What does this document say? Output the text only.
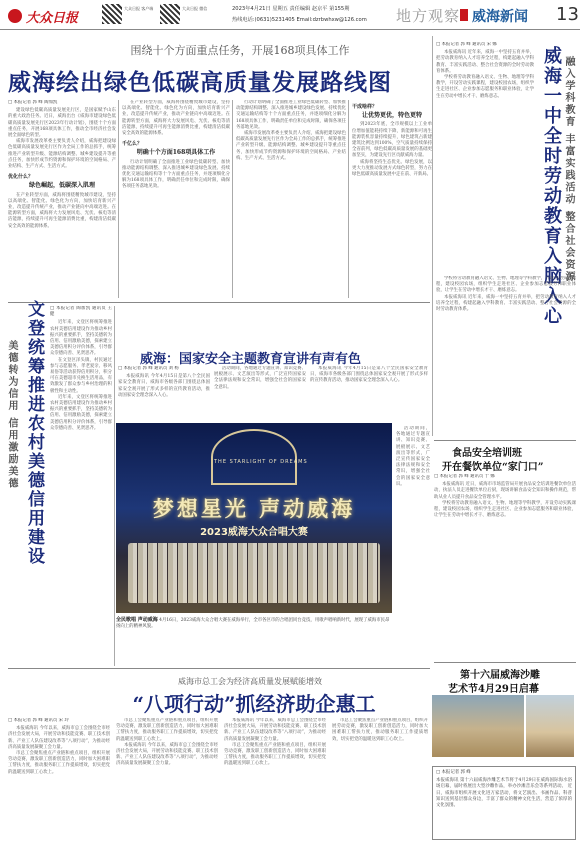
大众日报
大众日报 客户端	大众日报 微信	2023年4月21日 星期五 责任编辑 赵京平 第155期
热线电话:(0631)5231405 Email:dzrbwhxw@126.com 地方观察 威海新闻 13
围绕十个方面重点任务，开展168项具体工作
威海绘出绿色低碳高质量发展路线图
□ 本报记者 郭 峰 陶加凯

建设绿色低碳高质量发展先行区，是国家赋予山东的重大政治任务。近日，威海出台《威海市建设绿色低碳高质量发展先行区2023年行动计划》，围绕十个方面重点任务，开展168项具体工作，推动全市经济社会发展全面绿色转型。

威海市发展改革委主要负责人介绍，威海把建设绿色低碳高质量发展先行区作为全局工作的总抓手，统筹推进产业转型升级、能源结构调整、城乡建设提升等重点任务，加快形成节约资源和保护环境的空间格局、产业结构、生产方式、生活方式。

优化什么？
绿色崛起，低碳深入肌理

在产业转型方面，威海将围绕精致城市建设，坚持以高端化、智能化、绿色化为方向，加快培育新兴产业，改造提升传统产业，推动产业链向中高端迈进。在能源转型方面，威海将大力发展风电、光伏、核电等清洁能源，持续提升可再生能源消费比重，构建清洁低碳安全高效的能源体系。

在产业转型方面，威海将围绕精致城市建设，坚持以高端化、智能化、绿色化为方向，加快培育新兴产业，改造提升传统产业，推动产业链向中高端迈进。在能源转型方面，威海将大力发展风电、光伏、核电等清洁能源，持续提升可再生能源消费比重，构建清洁低碳安全高效的能源体系。

千亿么？
明确十个方面168项具体工作

行动计划明确了全面推进工业绿色低碳转型、加快推动能源结构调整、深入推进城乡建设绿色发展、持续优化交通运输结构等十个方面重点任务，并逐项细化分解为168项具体工作，明确责任单位和完成时限，确保各项任务落地见效。

行动计划明确了全面推进工业绿色低碳转型、加快推动能源结构调整、深入推进城乡建设绿色发展、持续优化交通运输结构等十个方面重点任务，并逐项细化分解为168项具体工作，明确责任单位和完成时限，确保各项任务落地见效。

威海市发展改革委主要负责人介绍，威海把建设绿色低碳高质量发展先行区作为全局工作的总抓手，统筹推进产业转型升级、能源结构调整、城乡建设提升等重点任务，加快形成节约资源和保护环境的空间格局、产业结构、生产方式、生活方式。

干成啥样？
让优势更优，特色更特

到2023年底，全市规模以上工业单位增加值能耗持续下降，新能源和可再生能源装机容量持续提升，绿色建筑占新建建筑比例达到100%，空气质量持续保持全省前列，绿色低碳高质量发展的基础更加坚实，为建设先行区贡献威海力量。

威海将坚持生态优先、绿色发展，以更大力度推动发展方式绿色转型，努力在绿色低碳高质量发展中走在前、开新局。	威海一中全时劳动教育入脑入心 融入学科教育 丰富实践活动 整合社会资源
□ 本报记者 郭 峰 通讯员 宋 娜

本报威海讯 近年来，威海一中坚持五育并举，把劳动教育纳入人才培养全过程，构建起融入学科教育、丰富实践活动、整合社会资源的全时劳动教育体系。

学校将劳动教育融入语文、生物、地理等学科教学，开设劳动实践课程，建设校园农场，组织学生走进社区、企业参加志愿服务和职业体验，让学生在劳动中增长才干、磨炼意志。

学校将劳动教育融入语文、生物、地理等学科教学，开设劳动实践课程，建设校园农场，组织学生走进社区、企业参加志愿服务和职业体验，让学生在劳动中增长才干、磨炼意志。

本报威海讯 近年来，威海一中坚持五育并举，把劳动教育纳入人才培养全过程，构建起融入学科教育、丰富实践活动、整合社会资源的全时劳动教育体系。

文登统筹推进农村美德信用建设
美德转为信用 信用激励美德
□ 本报记者 陶加凯 通讯员 王 健

近年来，文登区将统筹推进农村美德信用建设作为推动乡村振兴的重要抓手，坚持美德转为信用、信用激励美德，探索建立美德信用积分评价体系，引导群众崇德向善、见贤思齐。

在文登区泽头镇，村民通过参与志愿服务、孝老爱亲、移风易俗等活动获得信用积分，积分可在美德超市兑换生活用品，有效激发了群众参与乡村治理的积极性和主动性。

近年来，文登区将统筹推进农村美德信用建设作为推动乡村振兴的重要抓手，坚持美德转为信用、信用激励美德，探索建立美德信用积分评价体系，引导群众崇德向善、见贤思齐。

威海：国家安全主题教育宣讲有声有色
□ 本报记者 郭 峰 通讯员 刘 杨

本报威海讯 今年4月15日是第八个全民国家安全教育日，威海市各级各部门围绕总体国家安全观开展了形式多样的宣传教育活动，推动国家安全理念深入人心。

活动期间，各地通过专题宣讲、知识竞赛、展板展示、文艺演出等形式，广泛宣传国家安全法律法规和安全常识，增强全社会的国家安全意识。

本报威海讯 今年4月15日是第八个全民国家安全教育日，威海市各级各部门围绕总体国家安全观开展了形式多样的宣传教育活动，推动国家安全理念深入人心。

THE STARLIGHT OF DREAMS
梦想星光 声动威海
2023威海大众合唱大赛
全民歌唱 声动威海 4月16日，2023威海大众合唱大赛在威海举行，全市各区市的合唱团同台竞技，用歌声唱响新时代，展现了威海市民昂扬向上的精神风貌。

活动期间，各地通过专题宣讲、知识竞赛、展板展示、文艺演出等形式，广泛宣传国家安全法律法规和安全常识，增强全社会的国家安全意识。

食品安全培训班
开在餐饮单位“家门口”
□ 本报记者 郭 峰 通讯员 于 娜

本报威海讯 近日，威海市市场监管局开展食品安全培训进餐饮单位活动，执法人员走进餐饮单位后厨，现场讲解食品安全知识和操作规范，帮助从业人员提升食品安全管理水平。

学校将劳动教育融入语文、生物、地理等学科教学，开设劳动实践课程，建设校园农场，组织学生走进社区、企业参加志愿服务和职业体验，让学生在劳动中增长才干、磨炼意志。

第十六届威海沙雕
艺术节4月29日启幕
□ 本报记者 郭 峰
本报威海讯 第十六届威海沙雕艺术节将于4月29日在威海国际海水浴场启幕，届时将展出大型沙雕作品，举办沙滩音乐会等系列活动。 近日，威海市组织开展文化进万家活动，将文艺演出、书画作品、科普知识送到基层群众身边，丰富了群众的精神文化生活，营造了浓厚的文化氛围。
威海市总工会为经济高质量发展赋能增效
“八项行动”抓经济助企惠工
□ 本报记者 郭 峰 通讯员 宋 玲

本报威海讯 今年以来，威海市总工会围绕全市经济社会发展大局，开展劳动和技能竞赛、职工技术创新、产业工人队伍建设改革等“八项行动”，为推动经济高质量发展凝聚工会力量。

市总工会聚焦重点产业链和重点项目，组织开展劳动竞赛，激发职工创新创造活力，同时加大困难职工帮扶力度，推动服务职工工作提质增效，切实把党的温暖送到职工心坎上。

市总工会聚焦重点产业链和重点项目，组织开展劳动竞赛，激发职工创新创造活力，同时加大困难职工帮扶力度，推动服务职工工作提质增效，切实把党的温暖送到职工心坎上。

本报威海讯 今年以来，威海市总工会围绕全市经济社会发展大局，开展劳动和技能竞赛、职工技术创新、产业工人队伍建设改革等“八项行动”，为推动经济高质量发展凝聚工会力量。

本报威海讯 今年以来，威海市总工会围绕全市经济社会发展大局，开展劳动和技能竞赛、职工技术创新、产业工人队伍建设改革等“八项行动”，为推动经济高质量发展凝聚工会力量。

市总工会聚焦重点产业链和重点项目，组织开展劳动竞赛，激发职工创新创造活力，同时加大困难职工帮扶力度，推动服务职工工作提质增效，切实把党的温暖送到职工心坎上。

市总工会聚焦重点产业链和重点项目，组织开展劳动竞赛，激发职工创新创造活力，同时加大困难职工帮扶力度，推动服务职工工作提质增效，切实把党的温暖送到职工心坎上。
